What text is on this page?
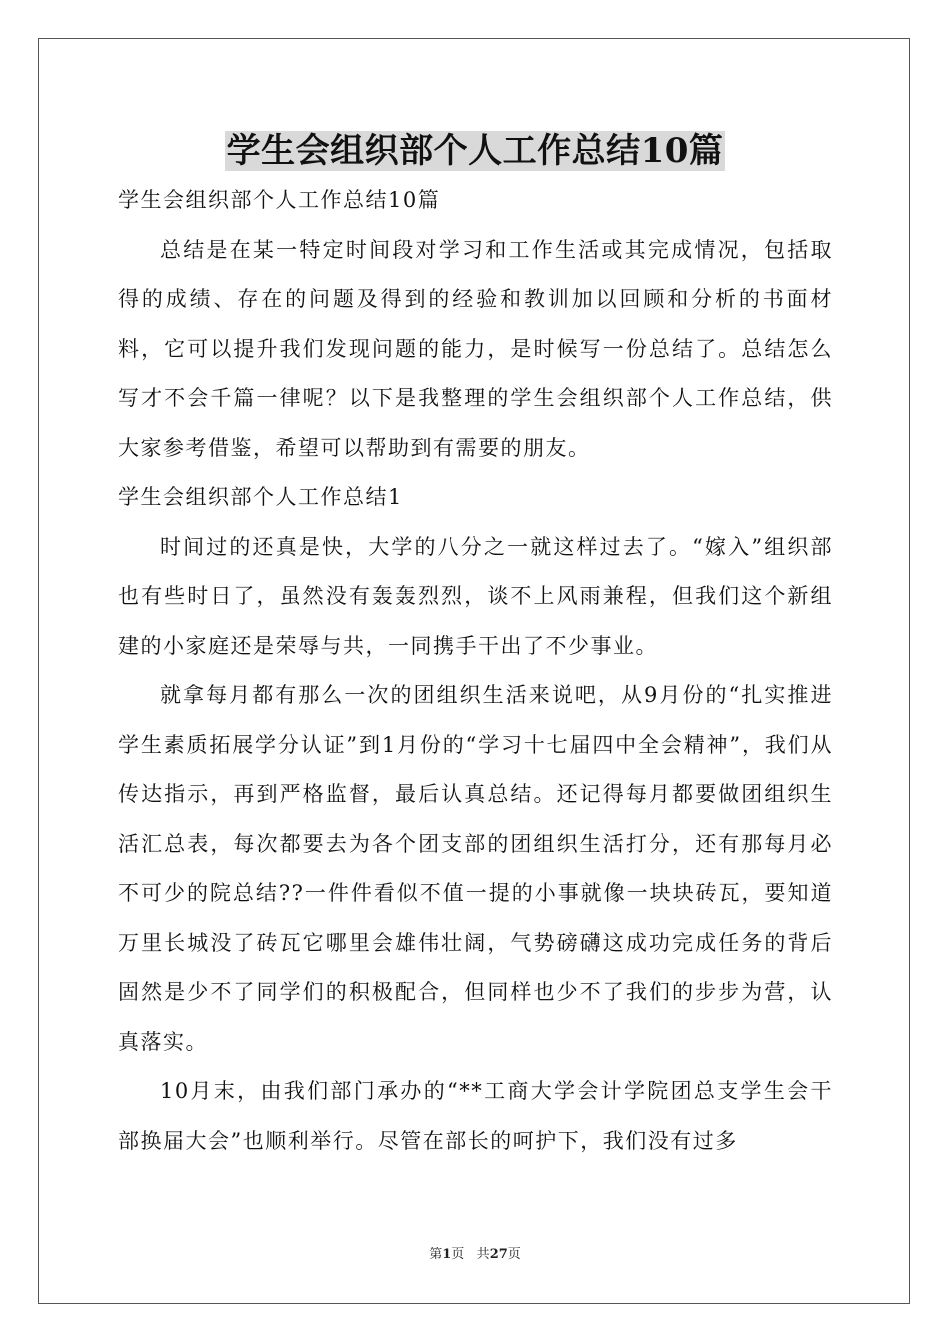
学生会组织部个人工作总结10篇

学生会组织部个人工作总结10篇

总结是在某一特定时间段对学习和工作生活或其完成情况，包括取得的成绩、存在的问题及得到的经验和教训加以回顾和分析的书面材料，它可以提升我们发现问题的能力，是时候写一份总结了。总结怎么写才不会千篇一律呢？以下是我整理的学生会组织部个人工作总结，供大家参考借鉴，希望可以帮助到有需要的朋友。

学生会组织部个人工作总结1

时间过的还真是快，大学的八分之一就这样过去了。“嫁入”组织部也有些时日了，虽然没有轰轰烈烈，谈不上风雨兼程，但我们这个新组建的小家庭还是荣辱与共，一同携手干出了不少事业。

就拿每月都有那么一次的团组织生活来说吧，从9月份的“扎实推进学生素质拓展学分认证”到1月份的“学习十七届四中全会精神”，我们从传达指示，再到严格监督，最后认真总结。还记得每月都要做团组织生活汇总表，每次都要去为各个团支部的团组织生活打分，还有那每月必不可少的院总结??一件件看似不值一提的小事就像一块块砖瓦，要知道万里长城没了砖瓦它哪里会雄伟壮阔，气势磅礴这成功完成任务的背后固然是少不了同学们的积极配合，但同样也少不了我们的步步为营，认真落实。

10月末，由我们部门承办的“**工商大学会计学院团总支学生会干部换届大会”也顺利举行。尽管在部长的呵护下，我们没有过多

第1页 共27页
